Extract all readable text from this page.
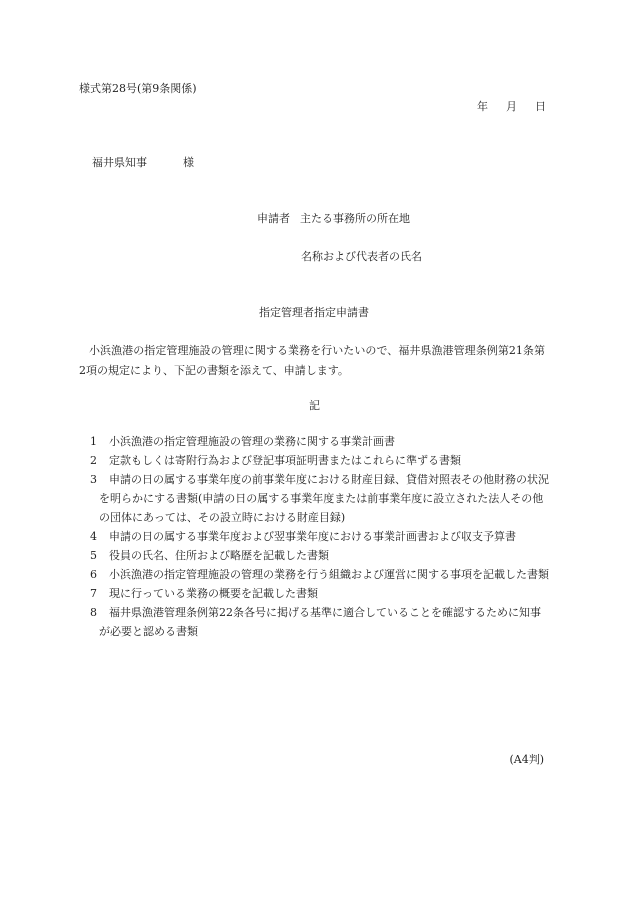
様式第28号(第9条関係)
年 月 日
福井県知事	様
申請者 主たる事務所の所在地
名称および代表者の氏名
指定管理者指定申請書

小浜漁港の指定管理施設の管理に関する業務を行いたいので、福井県漁港管理条例第21条第2項の規定により、下記の書類を添えて、申請します。

記
1 小浜漁港の指定管理施設の管理の業務に関する事業計画書
2 定款もしくは寄附行為および登記事項証明書またはこれらに準ずる書類
3	申請の日の属する事業年度の前事業年度における財産目録、貸借対照表その他財務の状況を明らかにする書類(申請の日の属する事業年度または前事業年度に設立された法人その他の団体にあっては、その設立時における財産目録)
4 申請の日の属する事業年度および翌事業年度における事業計画書および収支予算書
5 役員の氏名、住所および略歴を記載した書類
6	小浜漁港の指定管理施設の管理の業務を行う組織および運営に関する事項を記載した書類
7 現に行っている業務の概要を記載した書類
8	福井県漁港管理条例第22条各号に掲げる基準に適合していることを確認するために知事が必要と認める書類
(A4判)
